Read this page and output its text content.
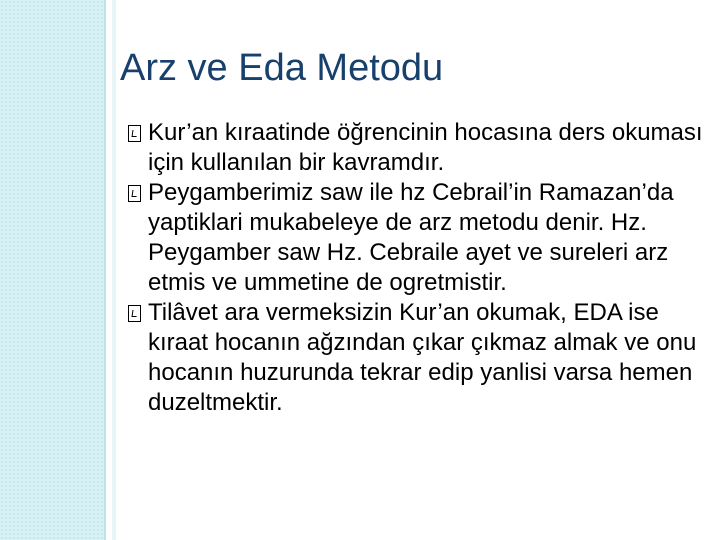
Arz ve Eda Metodu
Kur’an kıraatinde öğrencinin hocasına ders okuması için kullanılan bir kavramdır.
Peygamberimiz saw ile hz Cebrail’in Ramazan’da yaptiklari mukabeleye de arz metodu denir. Hz. Peygamber saw Hz. Cebraile ayet ve sureleri arz etmis ve ummetine de ogretmistir.
Tilâvet ara vermeksizin Kur’an okumak, EDA ise kıraat hocanın ağzından çıkar çıkmaz almak ve onu hocanın huzurunda tekrar edip yanlisi varsa hemen duzeltmektir.
